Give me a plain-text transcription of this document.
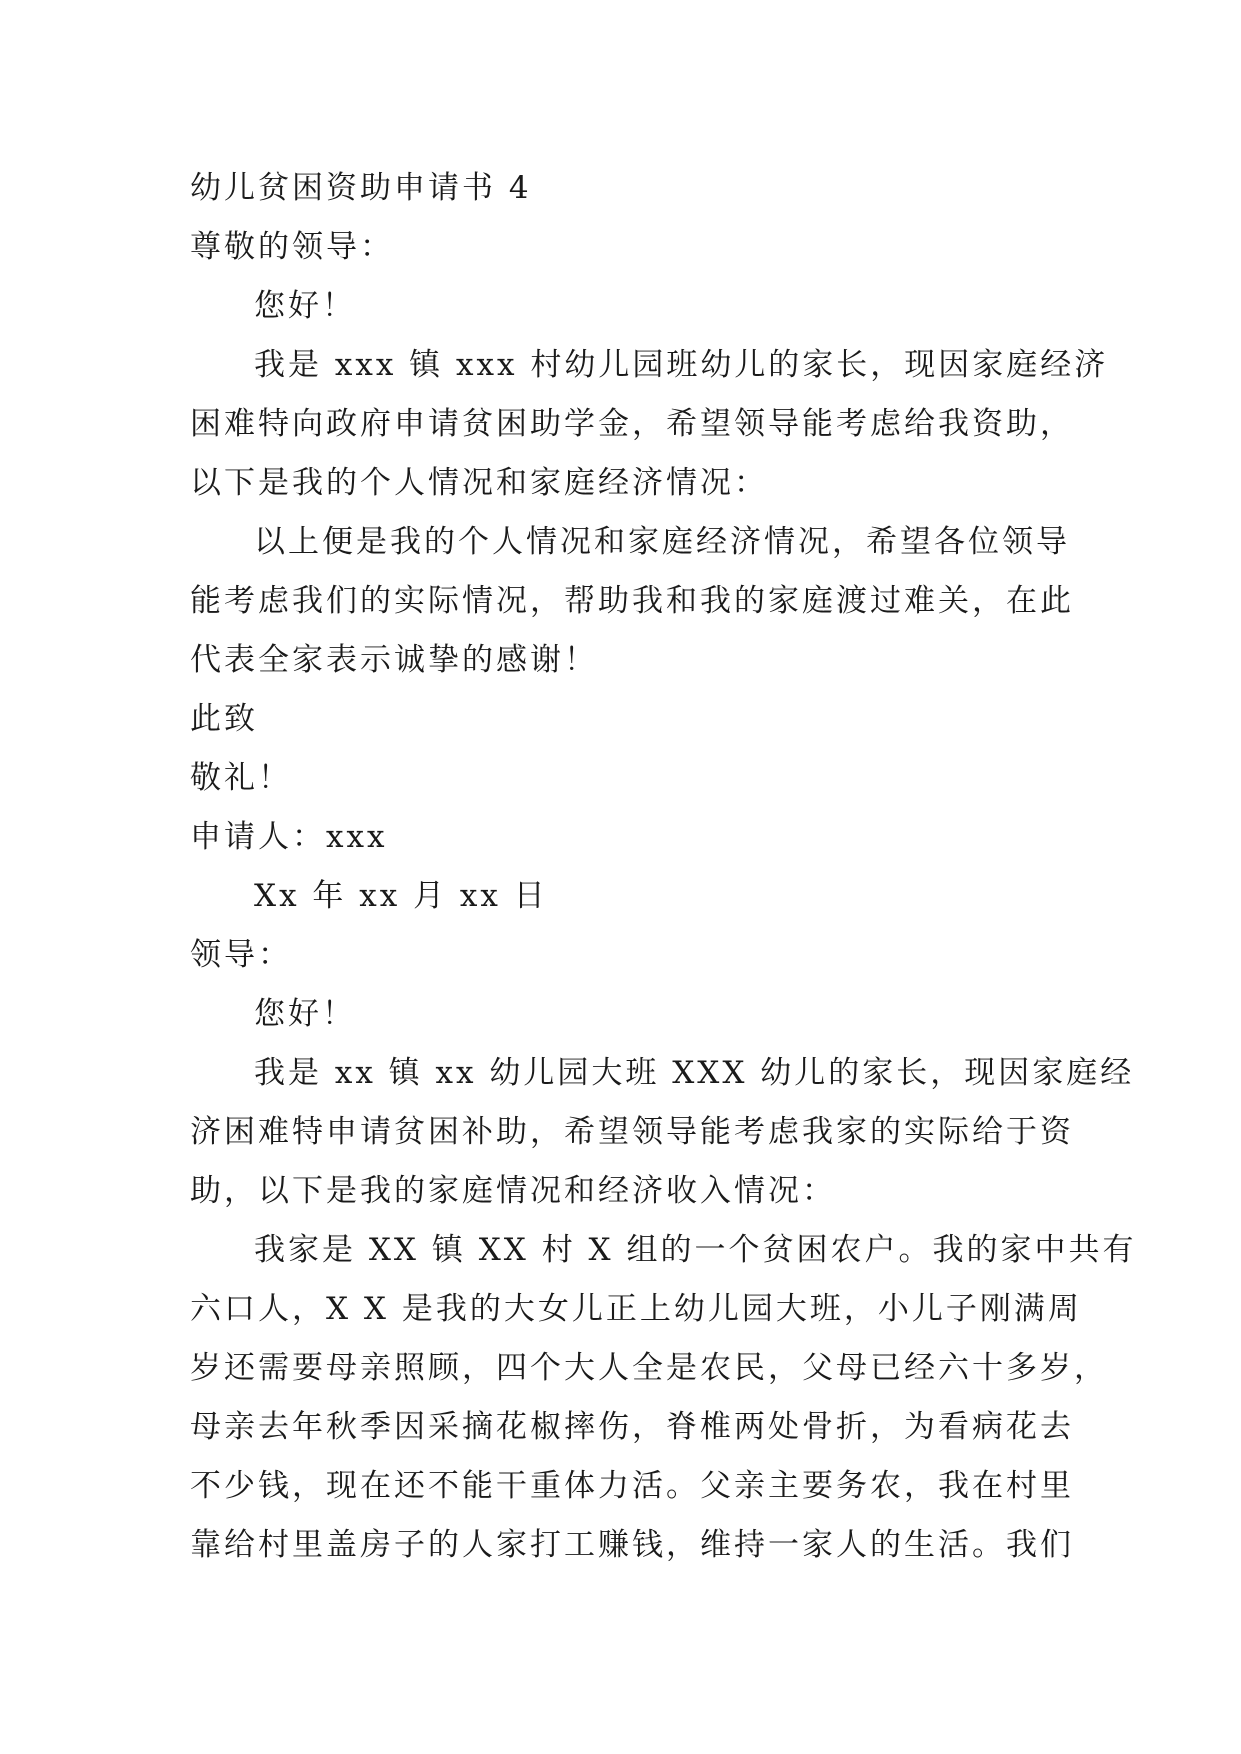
幼儿贫困资助申请书 4
尊敬的领导：
您好！
我是 xxx 镇 xxx 村幼儿园班幼儿的家长，现因家庭经济
困难特向政府申请贫困助学金，希望领导能考虑给我资助，
以下是我的个人情况和家庭经济情况：
以上便是我的个人情况和家庭经济情况，希望各位领导
能考虑我们的实际情况，帮助我和我的家庭渡过难关，在此
代表全家表示诚挚的感谢！
此致
敬礼！
申请人：xxx
Xx 年 xx 月 xx 日
领导：
您好！
我是 xx 镇 xx 幼儿园大班 XXX 幼儿的家长，现因家庭经
济困难特申请贫困补助，希望领导能考虑我家的实际给于资
助，以下是我的家庭情况和经济收入情况：
我家是 XX 镇 XX 村 X 组的一个贫困农户。我的家中共有
六口人，X X 是我的大女儿正上幼儿园大班，小儿子刚满周
岁还需要母亲照顾，四个大人全是农民，父母已经六十多岁，
母亲去年秋季因采摘花椒摔伤，脊椎两处骨折，为看病花去
不少钱，现在还不能干重体力活。父亲主要务农，我在村里
靠给村里盖房子的人家打工赚钱，维持一家人的生活。我们
